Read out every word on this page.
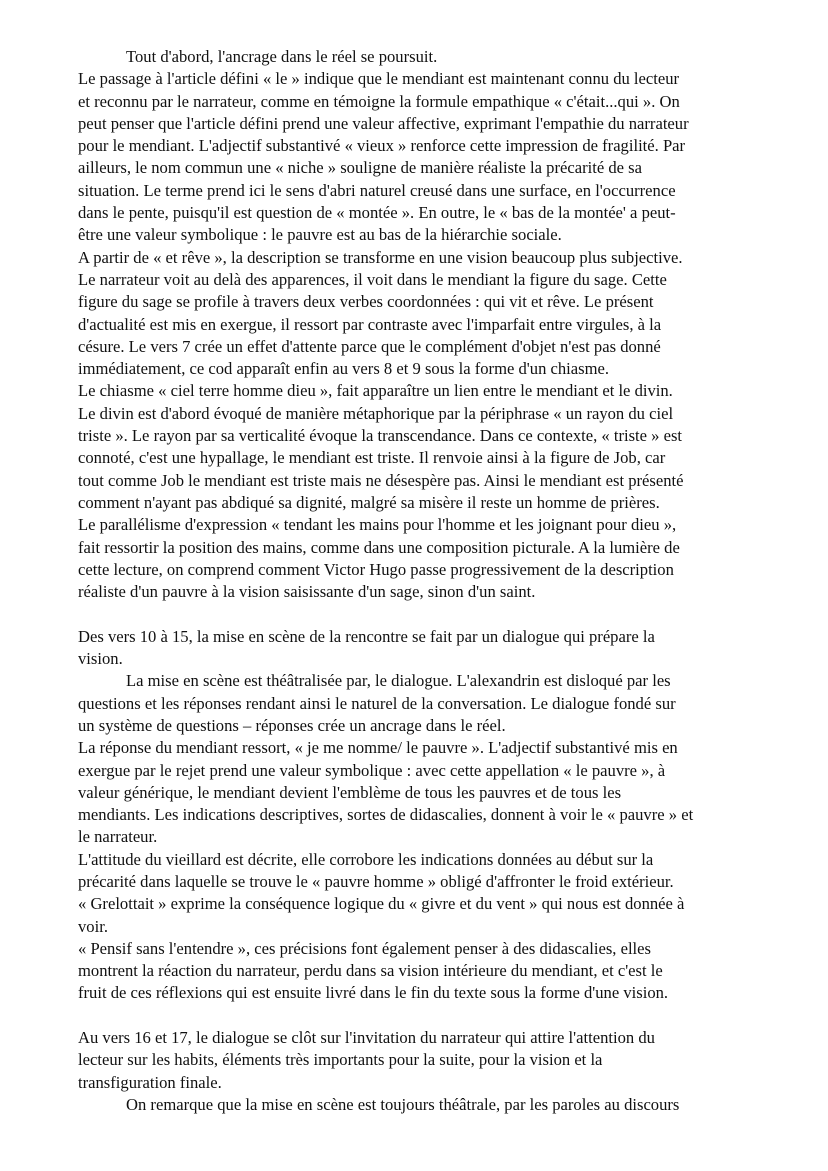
Tout d'abord, l'ancrage dans le réel se poursuit.
Le passage à l'article défini « le » indique que le mendiant est maintenant connu du lecteur
et reconnu par le narrateur, comme en témoigne la formule empathique « c'était...qui ». On
peut penser que l'article défini prend une valeur affective, exprimant l'empathie du narrateur
pour le mendiant. L'adjectif substantivé « vieux » renforce cette impression de fragilité. Par
ailleurs, le nom commun une « niche » souligne de manière réaliste la précarité de sa
situation. Le terme prend ici le sens d'abri naturel creusé dans une surface, en l'occurrence
dans le pente, puisqu'il est question de « montée ». En outre, le « bas de la montée' a peut-
être une valeur symbolique : le pauvre est au bas de la hiérarchie sociale.
A partir de « et rêve », la description se transforme en une vision beaucoup plus subjective.
Le narrateur voit au delà des apparences, il voit dans le mendiant la figure du sage. Cette
figure du sage se profile à travers deux verbes coordonnées : qui vit et rêve. Le présent
d'actualité est mis en exergue, il ressort par contraste avec l'imparfait entre virgules, à la
césure. Le vers 7 crée un effet d'attente parce que le complément d'objet n'est pas donné
immédiatement, ce cod apparaît enfin au vers 8 et 9 sous la forme d'un chiasme.
Le chiasme « ciel terre homme dieu », fait apparaître un lien entre le mendiant et le divin.
Le divin est d'abord évoqué de manière métaphorique par la périphrase « un rayon du ciel
triste ». Le rayon par sa verticalité évoque la transcendance. Dans ce contexte, « triste » est
connoté, c'est une hypallage, le mendiant est triste. Il renvoie ainsi à la figure de Job, car
tout comme Job le mendiant est triste mais ne désespère pas. Ainsi le mendiant est présenté
comment n'ayant pas abdiqué sa dignité, malgré sa misère il reste un homme de prières.
Le parallélisme d'expression « tendant les mains pour l'homme et les joignant pour dieu »,
fait ressortir la position des mains, comme dans une composition picturale. A la lumière de
cette lecture, on comprend comment Victor Hugo passe progressivement de la description
réaliste d'un pauvre à la vision saisissante d'un sage, sinon d'un saint.
Des vers 10 à 15, la mise en scène de la rencontre se fait par un dialogue qui prépare la
vision.
La mise en scène est théâtralisée par, le dialogue. L'alexandrin est disloqué par les
questions et les réponses rendant ainsi le naturel de la conversation. Le dialogue fondé sur
un système de questions – réponses crée un ancrage dans le réel.
La réponse du mendiant ressort, « je me nomme/ le pauvre ». L'adjectif substantivé mis en
exergue par le rejet prend une valeur symbolique : avec cette appellation « le pauvre », à
valeur générique, le mendiant devient l'emblème de tous les pauvres et de tous les
mendiants. Les indications descriptives, sortes de didascalies, donnent à voir le « pauvre » et
le narrateur.
L'attitude du vieillard est décrite, elle corrobore les indications données au début sur la
précarité dans laquelle se trouve le « pauvre homme » obligé d'affronter le froid extérieur.
« Grelottait » exprime la conséquence logique du « givre et du vent » qui nous est donnée à
voir.
« Pensif sans l'entendre », ces précisions font également penser à des didascalies, elles
montrent la réaction du narrateur, perdu dans sa vision intérieure du mendiant, et c'est le
fruit de ces réflexions qui est ensuite livré dans le fin du texte sous la forme d'une vision.
Au vers 16 et 17, le dialogue se clôt sur l'invitation du narrateur qui attire l'attention du
lecteur sur les habits, éléments très importants pour la suite, pour la vision et la
transfiguration finale.
On remarque que la mise en scène est toujours théâtrale, par les paroles au discours
